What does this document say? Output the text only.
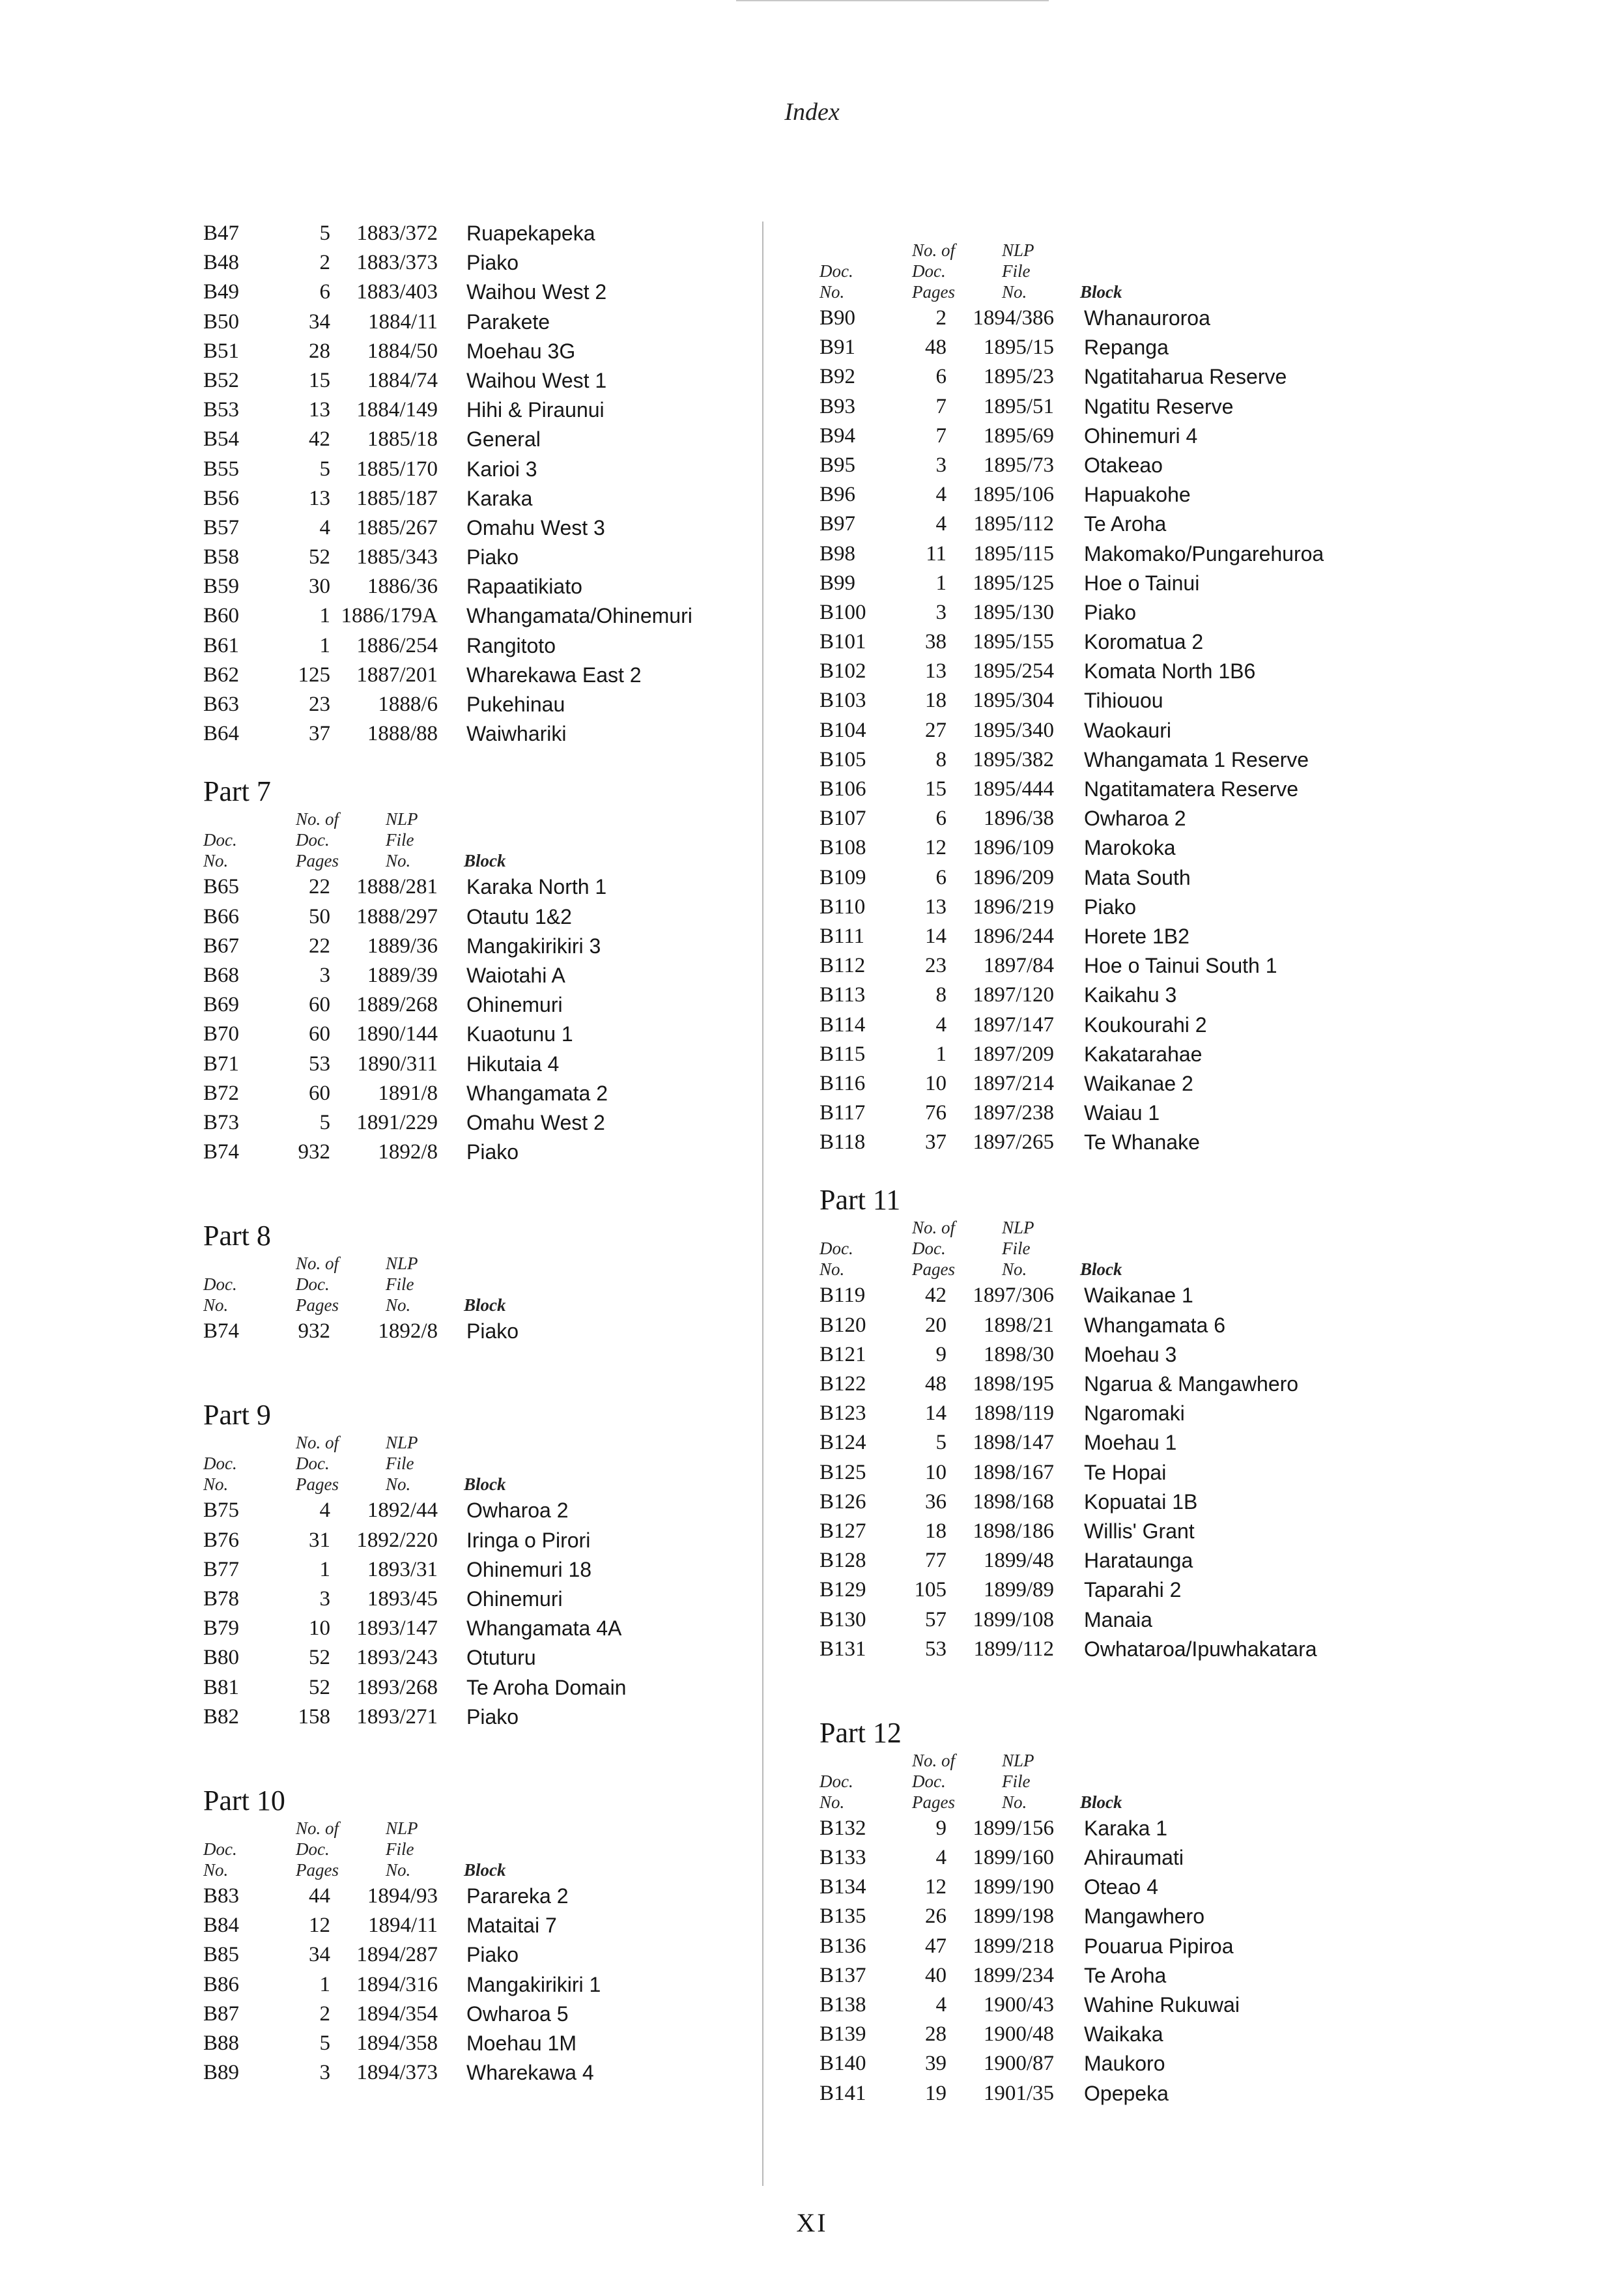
Index
B47	5 1883/372 Ruapekapeka
B48	2 1883/373 Piako
B49	6 1883/403 Waihou West 2
B50	34 1884/11 Parakete
B51	28 1884/50 Moehau 3G
B52	15 1884/74 Waihou West 1
B53	13 1884/149 Hihi & Piraunui
B54	42 1885/18 General
B55	5 1885/170 Karioi 3
B56	13 1885/187 Karaka
B57	4 1885/267 Omahu West 3
B58	52 1885/343 Piako
B59	30 1886/36 Rapaatikiato
B60	1 1886/179A Whangamata/Ohinemuri
B61	1 1886/254 Rangitoto
B62	125 1887/201 Wharekawa East 2
B63	23 1888/6 Pukehinau
B64	37 1888/88 Waiwhariki
Part 7
Doc.
No.
No. of
Doc.
Pages
NLP
File
No.	Block
B65	22 1888/281 Karaka North 1
B66	50 1888/297 Otautu 1&2
B67	22 1889/36 Mangakirikiri 3
B68	3 1889/39 Waiotahi A
B69	60 1889/268 Ohinemuri
B70	60 1890/144 Kuaotunu 1
B71	53 1890/311 Hikutaia 4
B72	60 1891/8 Whangamata 2
B73	5 1891/229 Omahu West 2
B74	932 1892/8 Piako
Part 8
Doc.
No.
No. of
Doc.
Pages
NLP
File
No.	Block
B74	932 1892/8 Piako
Part 9
Doc.
No.
No. of
Doc.
Pages
NLP
File
No.	Block
B75	4 1892/44 Owharoa 2
B76	31 1892/220 Iringa o Pirori
B77	1 1893/31 Ohinemuri 18
B78	3 1893/45 Ohinemuri
B79	10 1893/147 Whangamata 4A
B80	52 1893/243 Otuturu
B81	52 1893/268 Te Aroha Domain
B82	158 1893/271 Piako
Part 10
Doc.
No.
No. of
Doc.
Pages
NLP
File
No.	Block
B83	44 1894/93 Parareka 2
B84	12 1894/11 Mataitai 7
B85	34 1894/287 Piako
B86	1 1894/316 Mangakirikiri 1
B87	2 1894/354 Owharoa 5
B88	5 1894/358 Moehau 1M
B89	3 1894/373 Wharekawa 4
Doc.
No.
No. of
Doc.
Pages
NLP
File
No.	Block
B90	2 1894/386 Whanauroroa
B91	48 1895/15 Repanga
B92	6 1895/23 Ngatitaharua Reserve
B93	7 1895/51 Ngatitu Reserve
B94	7 1895/69 Ohinemuri 4
B95	3 1895/73 Otakeao
B96	4 1895/106 Hapuakohe
B97	4 1895/112 Te Aroha
B98	11 1895/115 Makomako/Pungarehuroa
B99	1 1895/125 Hoe o Tainui
B100	3 1895/130 Piako
B101	38 1895/155 Koromatua 2
B102	13 1895/254 Komata North 1B6
B103	18 1895/304 Tihiouou
B104	27 1895/340 Waokauri
B105	8 1895/382 Whangamata 1 Reserve
B106	15 1895/444 Ngatitamatera Reserve
B107	6 1896/38 Owharoa 2
B108	12 1896/109 Marokoka
B109	6 1896/209 Mata South
B110	13 1896/219 Piako
B111	14 1896/244 Horete 1B2
B112	23 1897/84 Hoe o Tainui South 1
B113	8 1897/120 Kaikahu 3
B114	4 1897/147 Koukourahi 2
B115	1 1897/209 Kakatarahae
B116	10 1897/214 Waikanae 2
B117	76 1897/238 Waiau 1
B118	37 1897/265 Te Whanake
Part 11
Doc.
No.
No. of
Doc.
Pages
NLP
File
No.	Block
B119	42 1897/306 Waikanae 1
B120	20 1898/21 Whangamata 6
B121	9 1898/30 Moehau 3
B122	48 1898/195 Ngarua & Mangawhero
B123	14 1898/119 Ngaromaki
B124	5 1898/147 Moehau 1
B125	10 1898/167 Te Hopai
B126	36 1898/168 Kopuatai 1B
B127	18 1898/186 Willis' Grant
B128	77 1899/48 Harataunga
B129 105 1899/89 Taparahi 2
B130	57 1899/108 Manaia
B131	53 1899/112 Owhataroa/Ipuwhakatara
Part 12
Doc.
No.
No. of
Doc.
Pages
NLP
File
No.	Block
B132	9 1899/156 Karaka 1
B133	4 1899/160 Ahiraumati
B134	12 1899/190 Oteao 4
B135	26 1899/198 Mangawhero
B136	47 1899/218 Pouarua Pipiroa
B137	40 1899/234 Te Aroha
B138	4 1900/43 Wahine Rukuwai
B139	28 1900/48 Waikaka
B140	39 1900/87 Maukoro
B141	19 1901/35 Opepeka
XI
